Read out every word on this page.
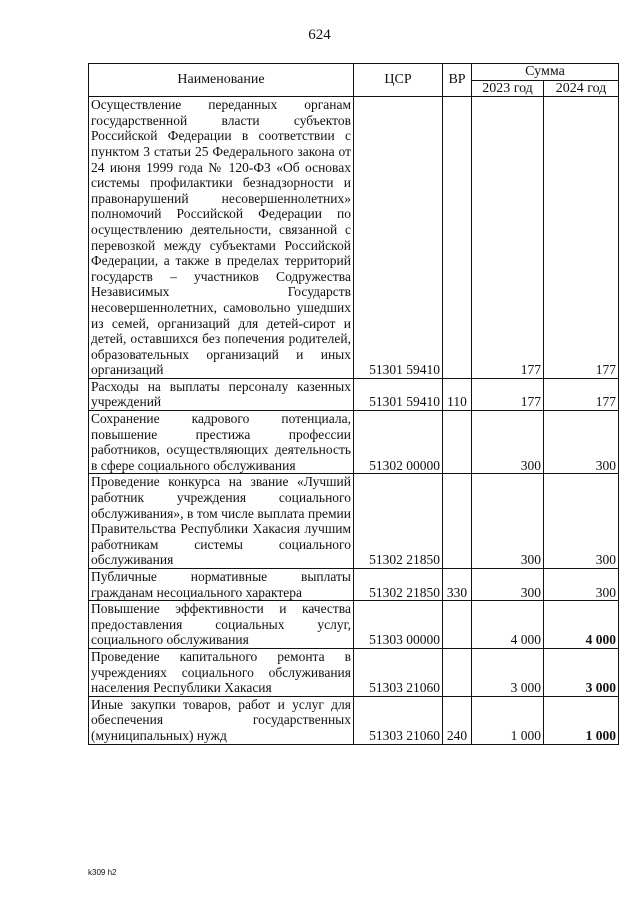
624
Наименование	ЦСР	ВР	Сумма	
			2023 год	2024 год
Осуществление переданных органам государственной власти субъектов Российской Федерации в соответствии с пунктом 3 статьи 25 Федерального закона от 24 июня 1999 года № 120-ФЗ «Об основах системы профилактики безнадзорности и правонарушений несовершеннолетних» полномочий Российской Федерации по осуществлению деятельности, связанной с перевозкой между субъектами Российской Федерации, а также в пределах территорий государств – участников Содружества Независимых Государств несовершеннолетних, самовольно ушедших из семей, организаций для детей-сирот и детей, оставшихся без попечения родителей, образовательных организаций и иных организаций	51301 59410		177	177
Расходы на выплаты персоналу казенных учреждений	51301 59410	110	177	177
Сохранение кадрового потенциала, повышение престижа профессии работников, осуществляющих деятельность в сфере социального обслуживания	51302 00000		300	300
Проведение конкурса на звание «Лучший работник учреждения социального обслуживания», в том числе выплата премии Правительства Республики Хакасия лучшим работникам системы социального обслуживания	51302 21850		300	300
Публичные нормативные выплаты гражданам несоциального характера	51302 21850	330	300	300
Повышение эффективности и качества предоставления социальных услуг, социального обслуживания	51303 00000		4 000	4 000
Проведение капитального ремонта в учреждениях социального обслуживания населения Республики Хакасия	51303 21060		3 000	3 000
Иные закупки товаров, работ и услуг для обеспечения государственных (муниципальных) нужд	51303 21060	240	1 000	1 000
k309 h2
